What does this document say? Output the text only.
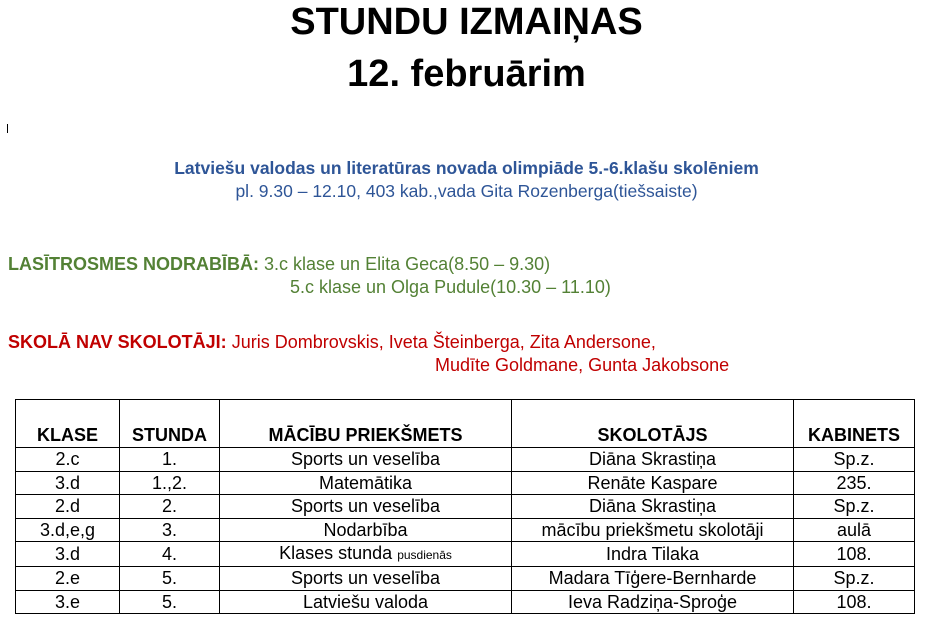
STUNDU IZMAIŅAS
12. februārim
Latviešu valodas un literatūras novada olimpiāde 5.-6.klašu skolēniem
pl. 9.30 – 12.10, 403 kab.,vada Gita Rozenberga(tiešsaiste)
LASĪTROSMES NODRABĪBĀ: 3.c klase un Elita Geca(8.50 – 9.30)
5.c klase un Olga Pudule(10.30 – 11.10)
SKOLĀ NAV SKOLOTĀJI: Juris Dombrovskis, Iveta Šteinberga, Zita Andersone,
Mudīte Goldmane, Gunta Jakobsone
KLASE	STUNDA	MĀCĪBU PRIEKŠMETS	SKOLOTĀJS	KABINETS
2.c	1.	Sports un veselība	Diāna Skrastiņa	Sp.z.
3.d	1.,2.	Matemātika	Renāte Kaspare	235.
2.d	2.	Sports un veselība	Diāna Skrastiņa	Sp.z.
3.d,e,g	3.	Nodarbība	mācību priekšmetu skolotāji	aulā
3.d	4.	Klases stunda pusdienās	Indra Tilaka	108.
2.e	5.	Sports un veselība	Madara Tīģere-Bernharde	Sp.z.
3.e	5.	Latviešu valoda	Ieva Radziņa-Sproģe	108.
